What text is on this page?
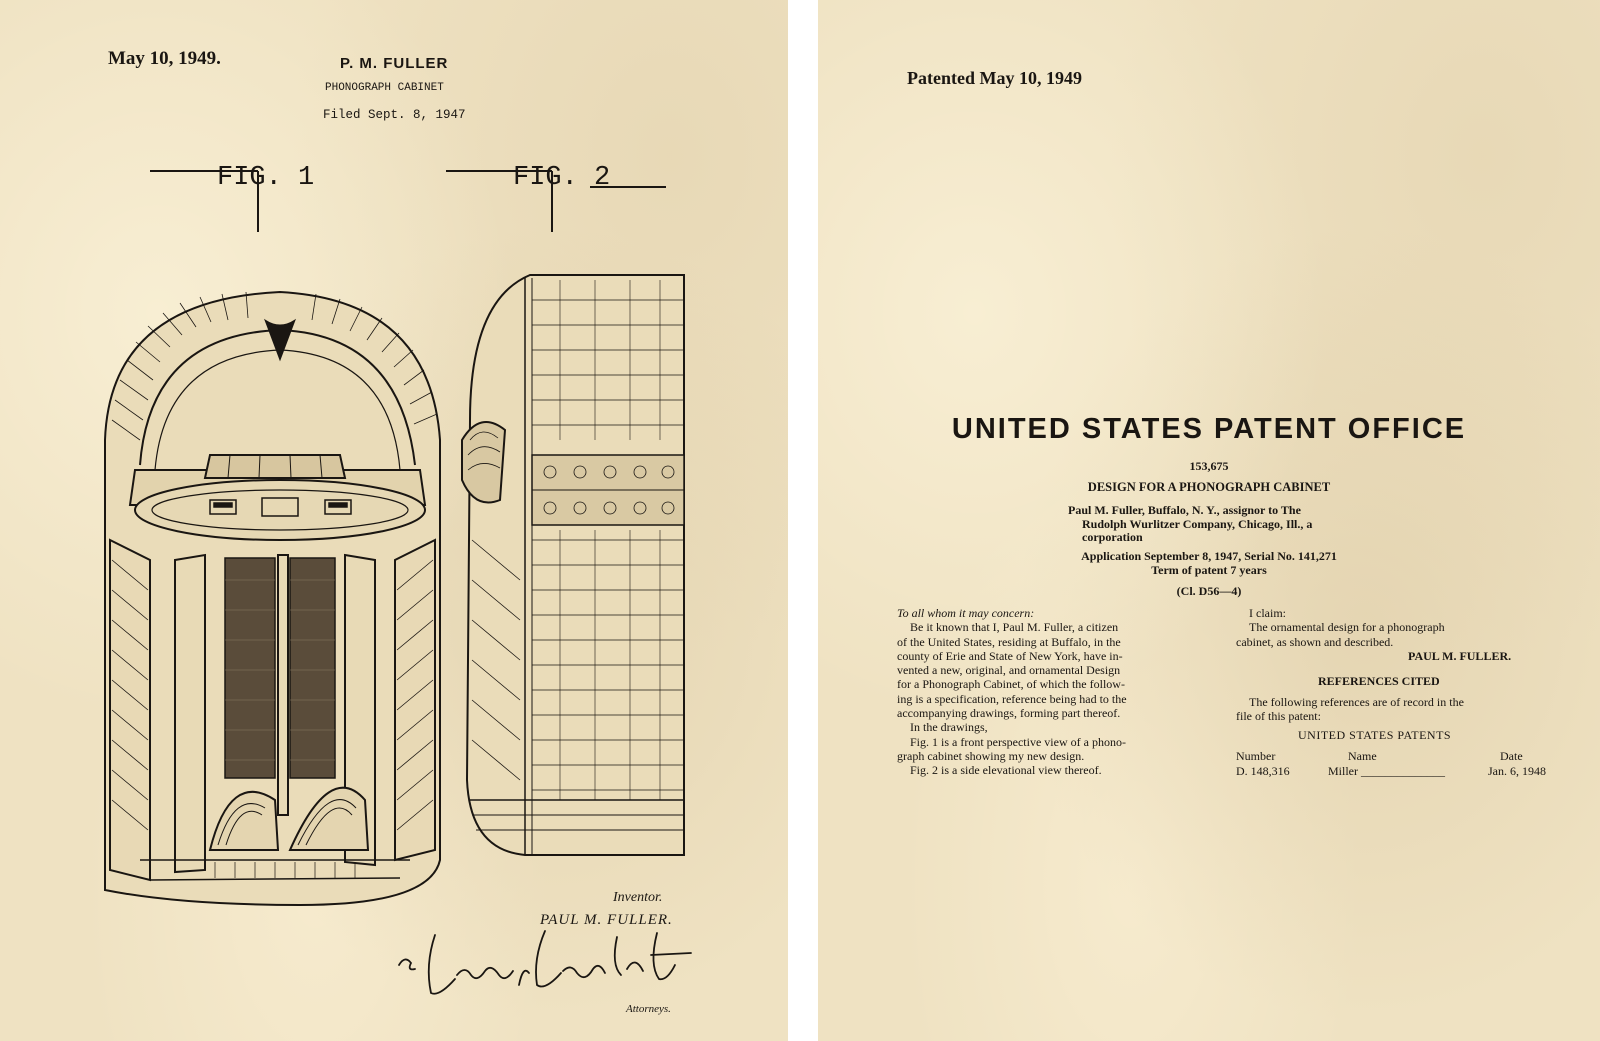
May 10, 1949.	P. M. FULLER
PHONOGRAPH CABINET
Filed Sept. 8, 1947
FIG. 1	FIG. 2
Inventor.
PAUL M. FULLER.
Attorneys.
Patented May 10, 1949
UNITED STATES PATENT OFFICE
153,675
DESIGN FOR A PHONOGRAPH CABINET
Paul M. Fuller, Buffalo, N. Y., assignor to The
Rudolph Wurlitzer Company, Chicago, Ill., a
corporation
Application September 8, 1947, Serial No. 141,271
Term of patent 7 years
(Cl. D56—4)
To all whom it may concern:
Be it known that I, Paul M. Fuller, a citizen
of the United States, residing at Buffalo, in the
county of Erie and State of New York, have in-
vented a new, original, and ornamental Design
for a Phonograph Cabinet, of which the follow-
ing is a specification, reference being had to the
accompanying drawings, forming part thereof.
In the drawings,
Fig. 1 is a front perspective view of a phono-
graph cabinet showing my new design.
Fig. 2 is a side elevational view thereof.
I claim:
The ornamental design for a phonograph
cabinet, as shown and described.
PAUL M. FULLER.
REFERENCES CITED
The following references are of record in the
file of this patent:
UNITED STATES PATENTS
Number	Name	Date
D. 148,316	Miller ______________	Jan. 6, 1948
